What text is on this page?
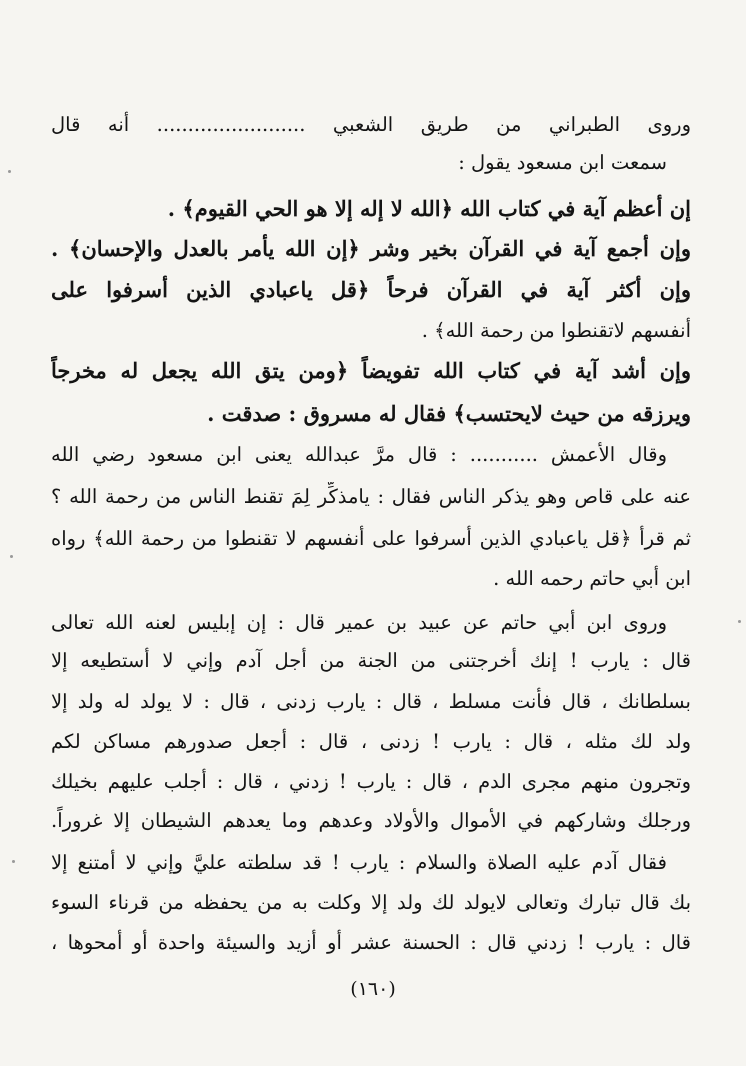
وروى الطبراني من طريق الشعبي ........................ أنه قال
سمعت ابن مسعود يقول :
إن أعظم آية في كتاب الله ﴿الله لا إله إلا هو الحي القيوم﴾ .
وإن أجمع آية في القرآن بخير وشر ﴿إن الله يأمر بالعدل والإحسان﴾ .
وإن أكثر آية في القرآن فرحاً ﴿قل ياعبادي الذين أسرفوا على
أنفسهم لاتقنطوا من رحمة الله﴾ .
وإن أشد آية في كتاب الله تفويضاً ﴿ومن يتق الله يجعل له مخرجاً
ويرزقه من حيث لايحتسب﴾ فقال له مسروق : صدقت .
وقال الأعمش ........... : قال مرَّ عبدالله يعنى ابن مسعود رضي الله
عنه على قاص وهو يذكر الناس فقال : يامذكِّر لِمَ تقنط الناس من رحمة الله ؟
ثم قرأ ﴿قل ياعبادي الذين أسرفوا على أنفسهم لا تقنطوا من رحمة الله﴾ رواه
ابن أبي حاتم رحمه الله .
وروى ابن أبي حاتم عن عبيد بن عمير قال : إن إبليس لعنه الله تعالى
قال : يارب ! إنك أخرجتنى من الجنة من أجل آدم وإني لا أستطيعه إلا
بسلطانك ، قال فأنت مسلط ، قال : يارب زدنى ، قال : لا يولد له ولد إلا
ولد لك مثله ، قال : يارب ! زدنى ، قال : أجعل صدورهم مساكن لكم
وتجرون منهم مجرى الدم ، قال : يارب ! زدني ، قال : أجلب عليهم بخيلك
ورجلك وشاركهم في الأموال والأولاد وعدهم وما يعدهم الشيطان إلا غروراً.
فقال آدم عليه الصلاة والسلام : يارب ! قد سلطته عليَّ وإني لا أمتنع إلا
بك قال تبارك وتعالى لايولد لك ولد إلا وكلت به من يحفظه من قرناء السوء
قال : يارب ! زدني قال : الحسنة عشر أو أزيد والسيئة واحدة أو أمحوها ،
(١٦٠)
